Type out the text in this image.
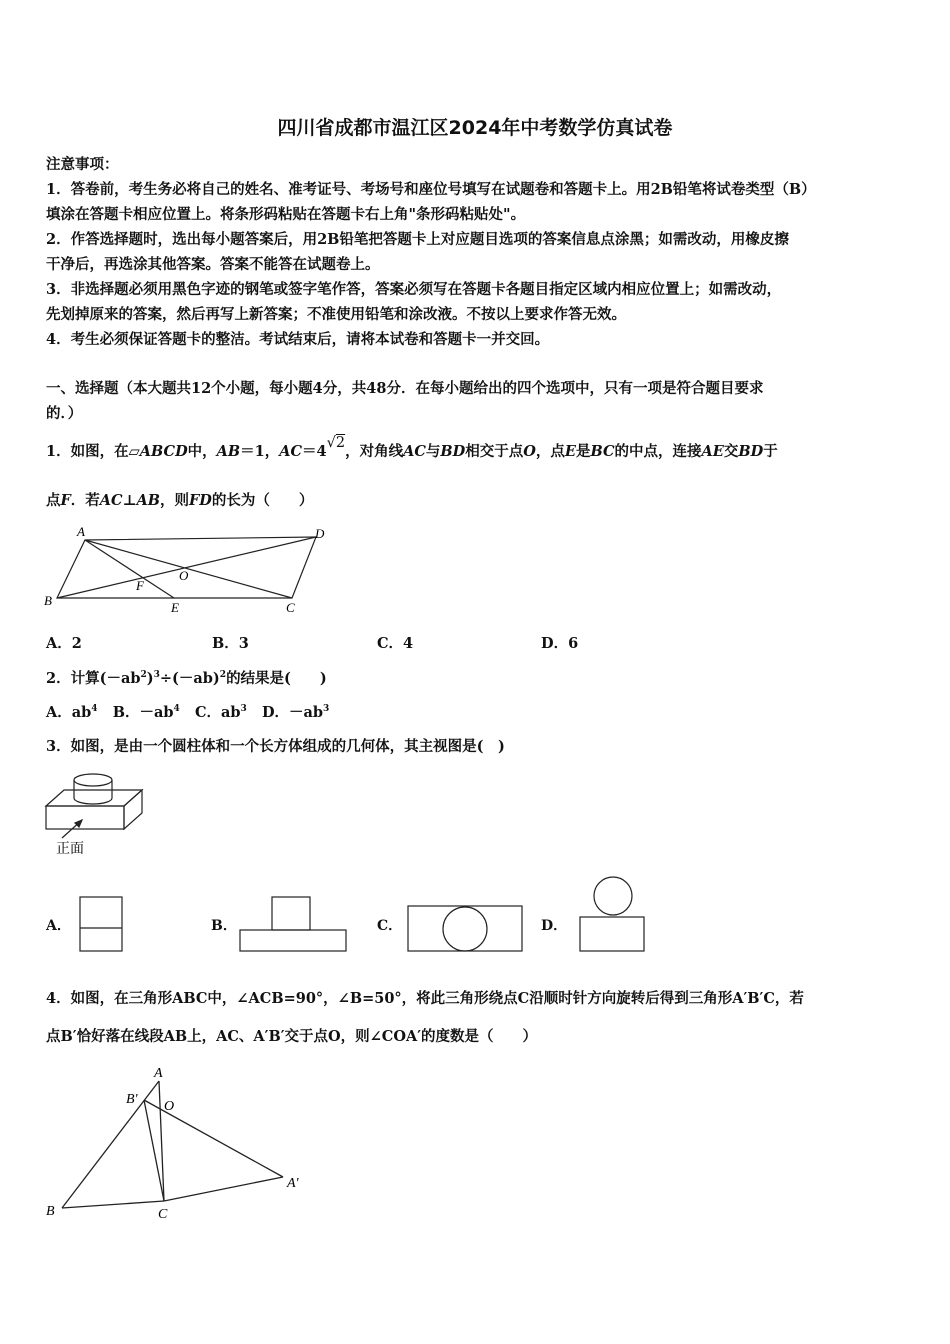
四川省成都市温江区2024年中考数学仿真试卷
注意事项：
1．答卷前，考生务必将自己的姓名、准考证号、考场号和座位号填写在试题卷和答题卡上。用2B铅笔将试卷类型（B）
填涂在答题卡相应位置上。将条形码粘贴在答题卡右上角"条形码粘贴处"。
2．作答选择题时，选出每小题答案后，用2B铅笔把答题卡上对应题目选项的答案信息点涂黑；如需改动，用橡皮擦
干净后，再选涂其他答案。答案不能答在试题卷上。
3．非选择题必须用黑色字迹的钢笔或签字笔作答，答案必须写在答题卡各题目指定区域内相应位置上；如需改动，
先划掉原来的答案，然后再写上新答案；不准使用铅笔和涂改液。不按以上要求作答无效。
4．考生必须保证答题卡的整洁。考试结束后，请将本试卷和答题卡一并交回。
一、选择题（本大题共12个小题，每小题4分，共48分．在每小题给出的四个选项中，只有一项是符合题目要求
的．）
1．如图，在▱ABCD中，AB＝1，AC＝4√2，对角线AC与BD相交于点O，点E是BC的中点，连接AE交BD于
点F．若AC⊥AB，则FD的长为（　　）
A	D
B	C
F
O
E
A．2	B．3	C．4	D．6
2．计算$(-ab^2)^3\div(-ab)^2$的结果是(　　)
A．$ab^4$ B．$-ab^4$ C．$ab^3$ D．$-ab^3$
3．如图，是由一个圆柱体和一个长方体组成的几何体，其主视图是(　)
正面
A．	B．	C．	D．
4．如图，在三角形ABC中，∠ACB=90°，∠B=50°，将此三角形绕点C沿顺时针方向旋转后得到三角形A′B′C，若
点B′恰好落在线段AB上，AC、A′B′交于点O，则∠COA′的度数是（　　）
A
B' O
A'
B	C
